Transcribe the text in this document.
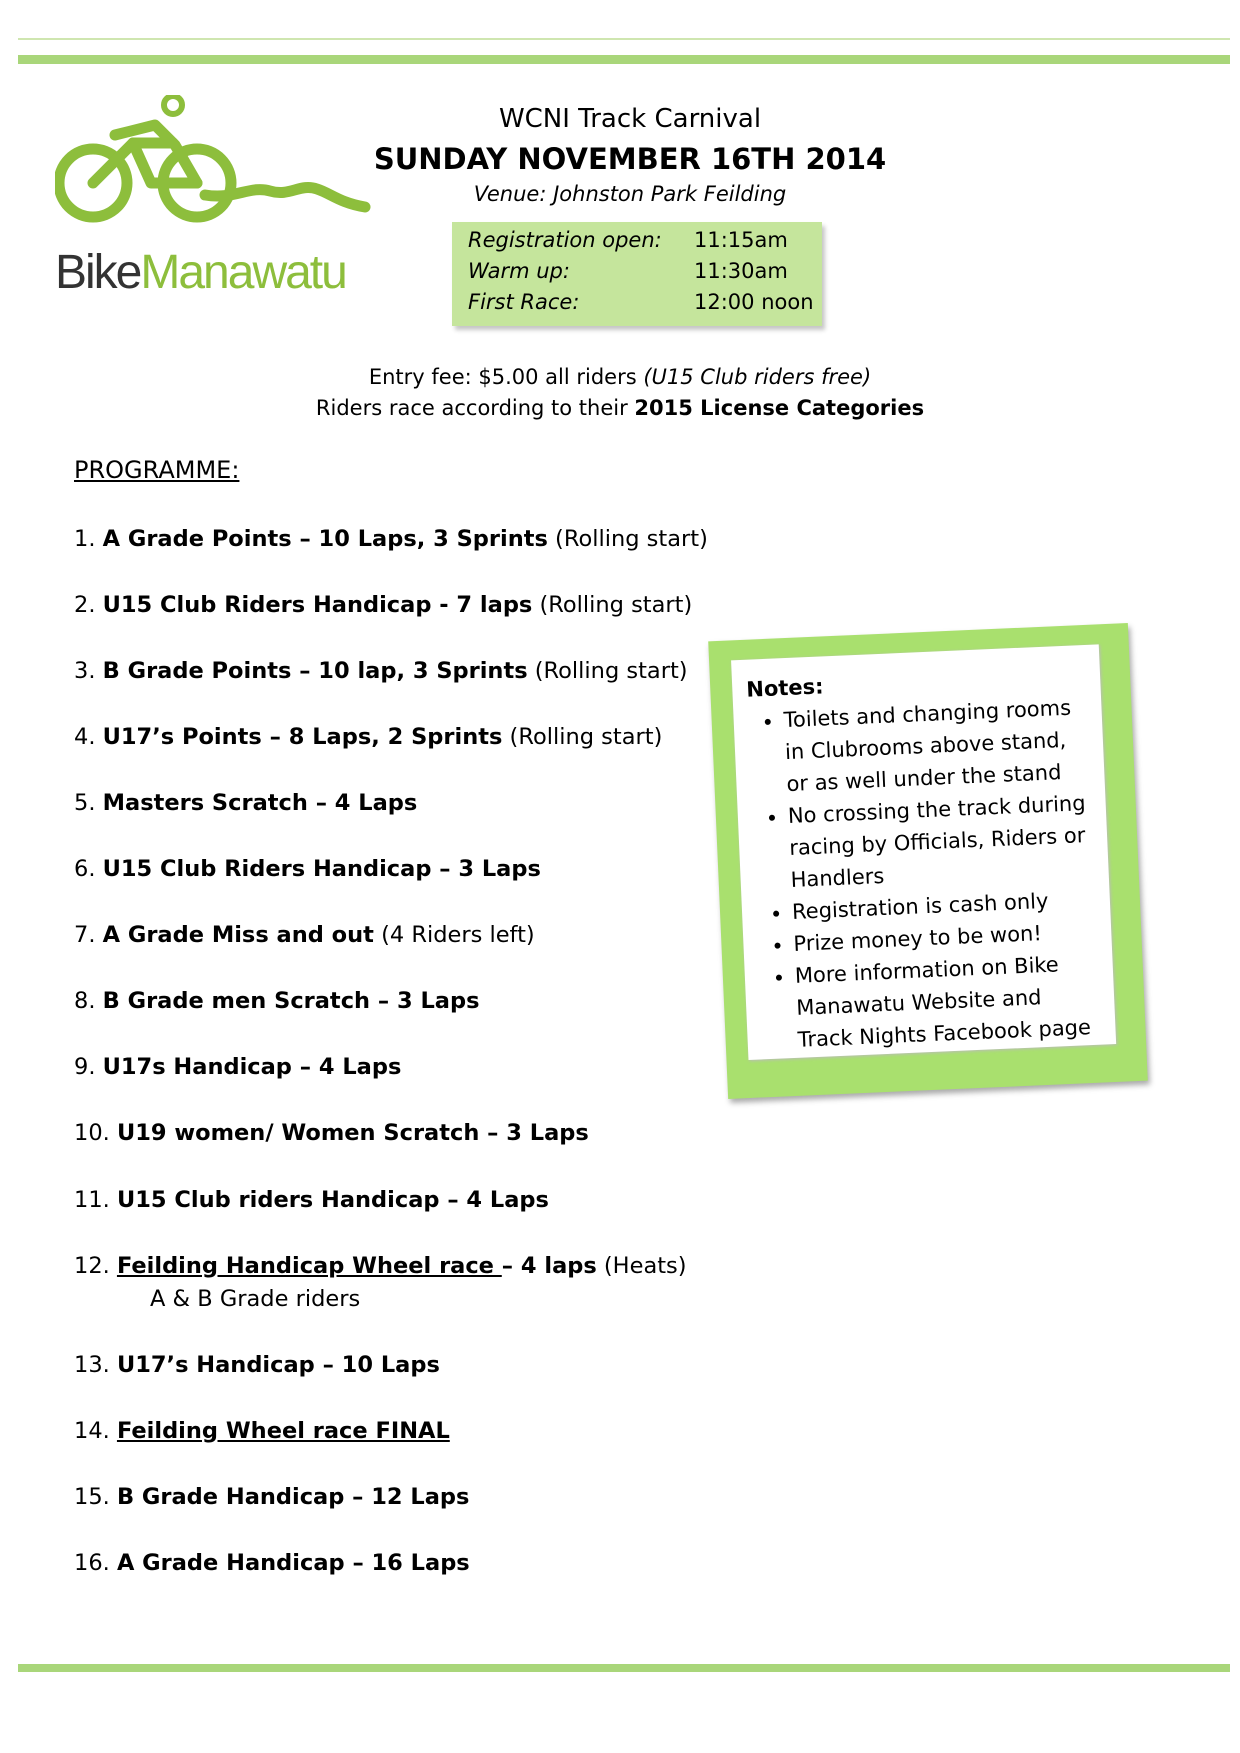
BikeManawatu
WCNI Track Carnival
SUNDAY NOVEMBER 16TH 2014
Venue: Johnston Park Feilding
Registration open: 11:15am
Warm up:	11:30am
First Race:	12:00 noon
Entry fee: $5.00 all riders (U15 Club riders free)
Riders race according to their 2015 License Categories
PROGRAMME:
1. A Grade Points – 10 Laps, 3 Sprints (Rolling start)
2. U15 Club Riders Handicap - 7 laps (Rolling start)
3. B Grade Points – 10 lap, 3 Sprints (Rolling start)
4. U17’s Points – 8 Laps, 2 Sprints (Rolling start)
5. Masters Scratch – 4 Laps
6. U15 Club Riders Handicap – 3 Laps
7. A Grade Miss and out (4 Riders left)
8. B Grade men Scratch – 3 Laps
9. U17s Handicap – 4 Laps
10. U19 women/ Women Scratch – 3 Laps
11. U15 Club riders Handicap – 4 Laps
12. Feilding Handicap Wheel race – 4 laps (Heats)
A & B Grade riders
13. U17’s Handicap – 10 Laps
14. Feilding Wheel race FINAL
15. B Grade Handicap – 12 Laps
16. A Grade Handicap – 16 Laps
Notes:
• Toilets and changing rooms in Clubrooms above stand, or as well under the stand
• No crossing the track during racing by Officials, Riders or Handlers
• Registration is cash only
• Prize money to be won!
• More information on Bike Manawatu Website and Track Nights Facebook page
